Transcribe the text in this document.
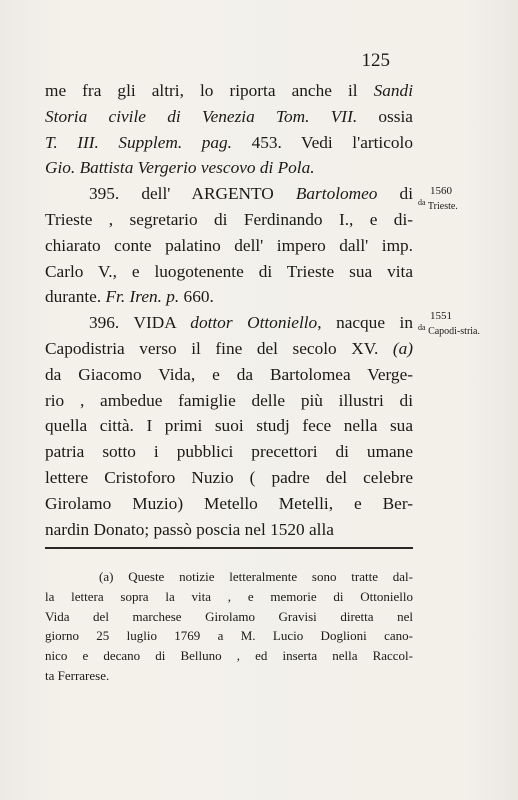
125
me fra gli altri, lo riporta anche il Sandi
Storia civile di Venezia Tom. VII. ossia
T. III. Supplem. pag. 453. Vedi l'articolo
Gio. Battista Vergerio vescovo di Pola.
395. dell' ARGENTO Bartolomeo di
Trieste , segretario di Ferdinando I., e di-
chiarato conte palatino dell' impero dall' imp.
Carlo V., e luogotenente di Trieste sua vita
durante. Fr. Iren. p. 660.
396. VIDA dottor Ottoniello, nacque in
Capodistria verso il fine del secolo XV. (a)
da Giacomo Vida, e da Bartolomea Verge-
rio , ambedue famiglie delle più illustri di
quella città. I primi suoi studj fece nella sua
patria sotto i pubblici precettori di umane
lettere Cristoforo Nuzio ( padre del celebre
Girolamo Muzio) Metello Metelli, e Ber-
nardin Donato; passò poscia nel 1520 alla
1560
$^{da}$ Trieste.
1551
$^{da}$ Capodi-stria.
(a) Queste notizie letteralmente sono tratte dal-
la lettera sopra la vita , e memorie di Ottoniello
Vida del marchese Girolamo Gravisi diretta nel
giorno 25 luglio 1769 a M. Lucio Doglioni cano-
nico e decano di Belluno , ed inserta nella Raccol-
ta Ferrarese.
